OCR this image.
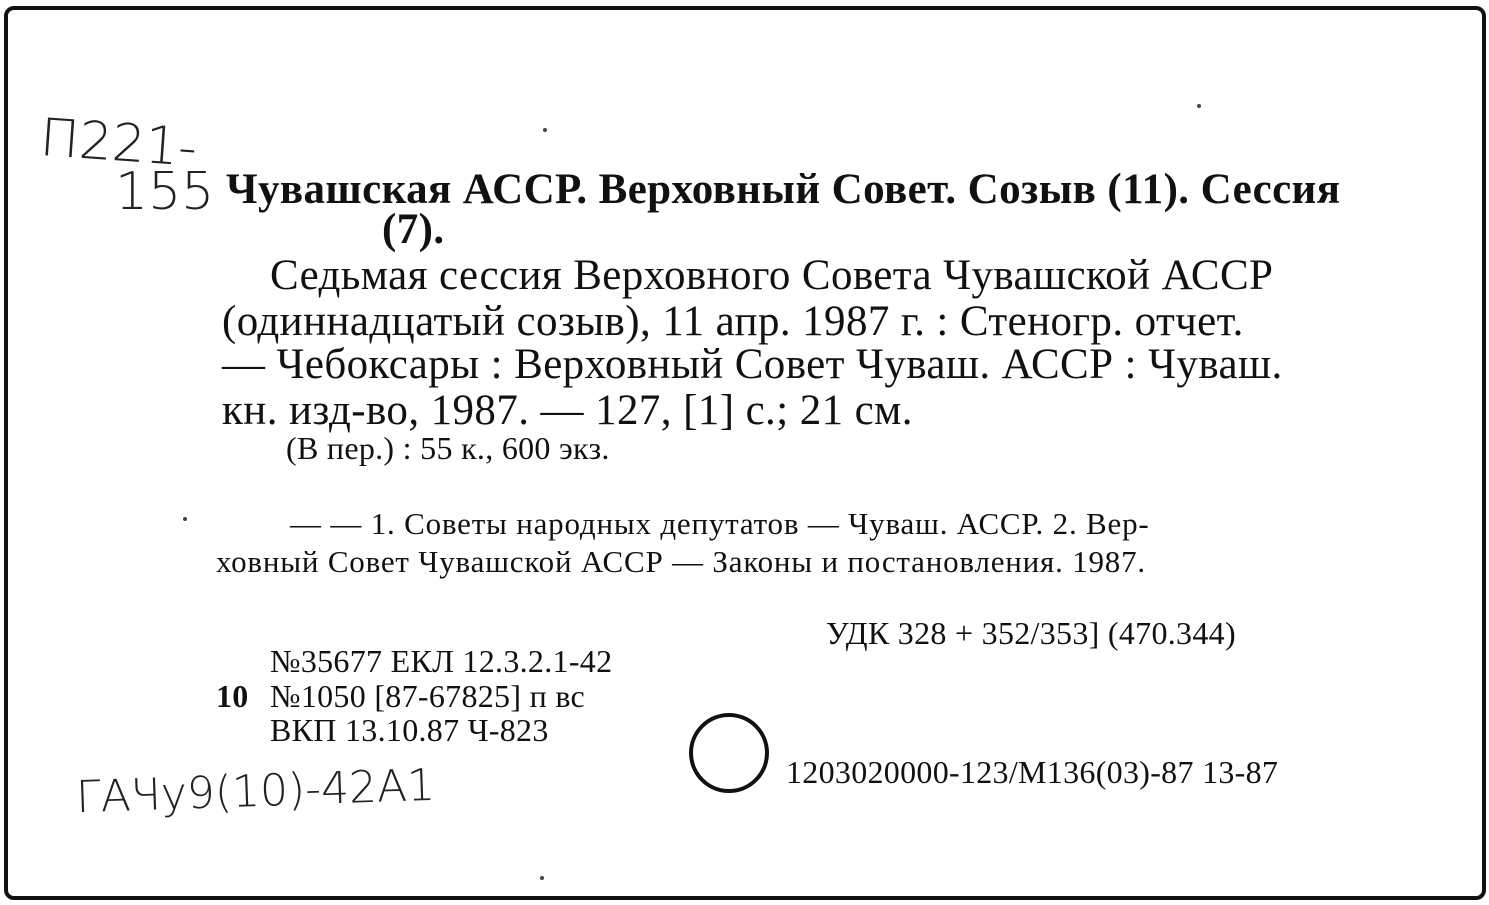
П221-
155 Чувашская АССР. Верховный Совет. Созыв (11). Сессия
(7).
Седьмая сессия Верховного Совета Чувашской АССР
(одиннадцатый созыв), 11 апр. 1987 г. : Стеногр. отчет.
— Чебоксары : Верховный Совет Чуваш. АССР : Чуваш.
кн. изд-во, 1987. — 127, [1] с.; 21 см.
(В пер.) : 55 к., 600 экз.
— — 1. Советы народных депутатов — Чуваш. АССР. 2. Вер-
ховный Совет Чувашской АССР — Законы и постановления. 1987.
УДК 328 + 352/353] (470.344)
№35677 ЕКЛ 12.3.2.1-42
10 №1050 [87-67825] п вс
ВКП 13.10.87 Ч-823
1203020000-123/М136(03)-87 13-87
ГАЧу9(10)-42А1
